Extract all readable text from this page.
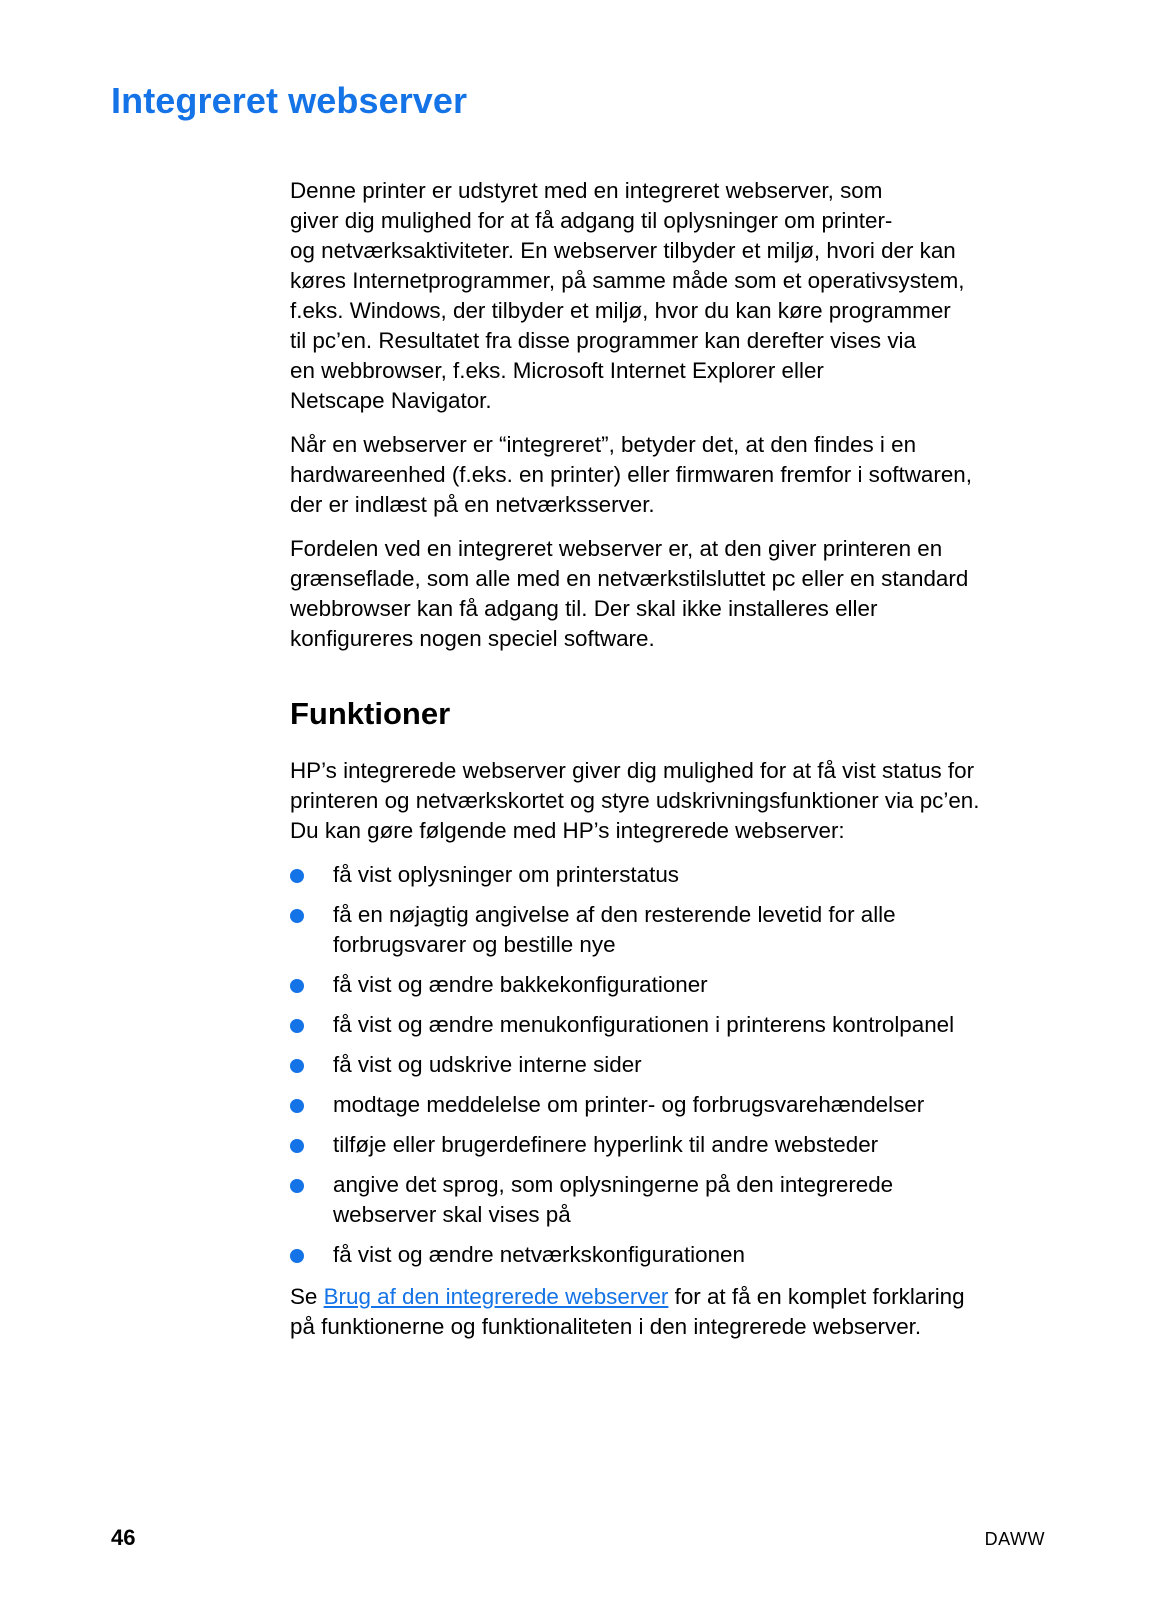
Integreret webserver

Denne printer er udstyret med en integreret webserver, som
giver dig mulighed for at få adgang til oplysninger om printer-
og netværksaktiviteter. En webserver tilbyder et miljø, hvori der kan
køres Internetprogrammer, på samme måde som et operativsystem,
f.eks. Windows, der tilbyder et miljø, hvor du kan køre programmer
til pc’en. Resultatet fra disse programmer kan derefter vises via
en webbrowser, f.eks. Microsoft Internet Explorer eller
Netscape Navigator.

Når en webserver er “integreret”, betyder det, at den findes i en
hardwareenhed (f.eks. en printer) eller firmwaren fremfor i softwaren,
der er indlæst på en netværksserver.

Fordelen ved en integreret webserver er, at den giver printeren en
grænseflade, som alle med en netværkstilsluttet pc eller en standard
webbrowser kan få adgang til. Der skal ikke installeres eller
konfigureres nogen speciel software.

Funktioner

HP’s integrerede webserver giver dig mulighed for at få vist status for
printeren og netværkskortet og styre udskrivningsfunktioner via pc’en.
Du kan gøre følgende med HP’s integrerede webserver:

få vist oplysninger om printerstatus
få en nøjagtig angivelse af den resterende levetid for alle
forbrugsvarer og bestille nye
få vist og ændre bakkekonfigurationer
få vist og ændre menukonfigurationen i printerens kontrolpanel
få vist og udskrive interne sider
modtage meddelelse om printer- og forbrugsvarehændelser
tilføje eller brugerdefinere hyperlink til andre websteder
angive det sprog, som oplysningerne på den integrerede
webserver skal vises på
få vist og ændre netværkskonfigurationen

Se Brug af den integrerede webserver for at få en komplet forklaring
på funktionerne og funktionaliteten i den integrerede webserver.

46	DAWW
